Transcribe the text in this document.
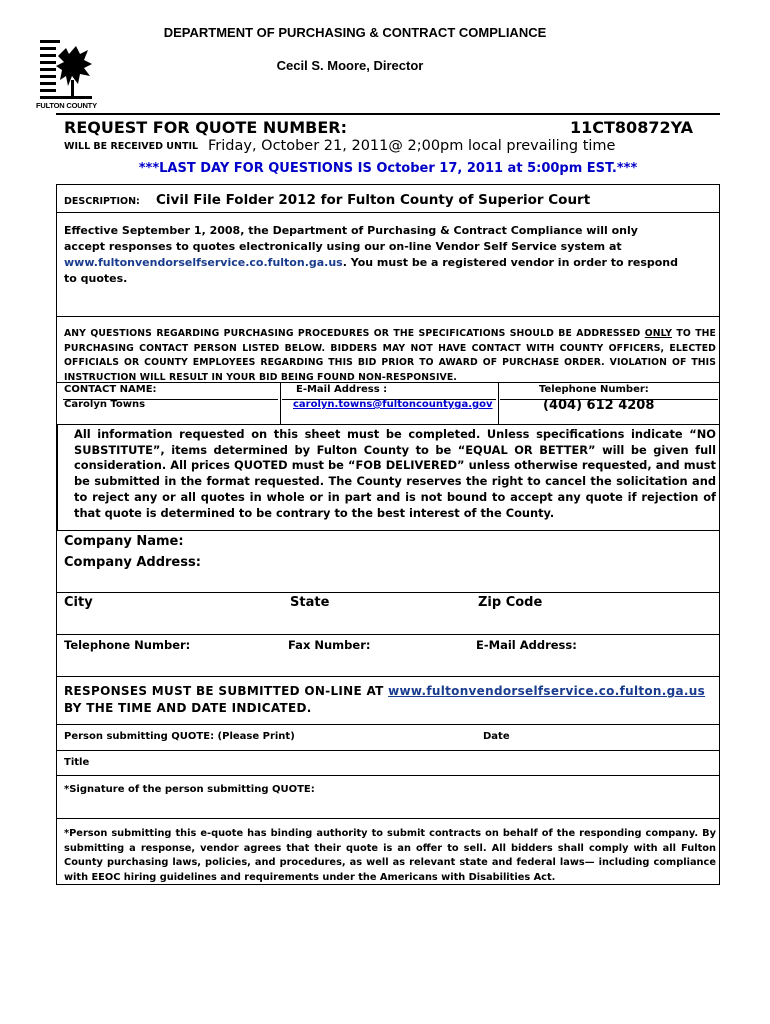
DEPARTMENT OF PURCHASING & CONTRACT COMPLIANCE
Cecil S. Moore, Director
FULTON COUNTY
REQUEST FOR QUOTE NUMBER:	11CT80872YA
WILL BE RECEIVED UNTIL Friday, October 21, 2011@ 2;00pm local prevailing time
***LAST DAY FOR QUESTIONS IS October 17, 2011 at 5:00pm EST.***
DESCRIPTION: Civil File Folder 2012 for Fulton County of Superior Court
Effective September 1, 2008, the Department of Purchasing & Contract Compliance will only accept responses to quotes electronically using our on-line Vendor Self Service system at www.fultonvendorselfservice.co.fulton.ga.us. You must be a registered vendor in order to respond to quotes.
ANY QUESTIONS REGARDING PURCHASING PROCEDURES OR THE SPECIFICATIONS SHOULD BE ADDRESSED ONLY TO THE PURCHASING CONTACT PERSON LISTED BELOW. BIDDERS MAY NOT HAVE CONTACT WITH COUNTY OFFICERS, ELECTED OFFICIALS OR COUNTY EMPLOYEES REGARDING THIS BID PRIOR TO AWARD OF PURCHASE ORDER. VIOLATION OF THIS INSTRUCTION WILL RESULT IN YOUR BID BEING FOUND NON-RESPONSIVE.
CONTACT NAME:
Carolyn Towns
E-Mail Address :
carolyn.towns@fultoncountyga.gov
Telephone Number:
(404) 612 4208
All information requested on this sheet must be completed. Unless specifications indicate “NO SUBSTITUTE”, items determined by Fulton County to be “EQUAL OR BETTER” will be given full consideration. All prices QUOTED must be “FOB DELIVERED” unless otherwise requested, and must be submitted in the format requested. The County reserves the right to cancel the solicitation and to reject any or all quotes in whole or in part and is not bound to accept any quote if rejection of that quote is determined to be contrary to the best interest of the County.
Company Name:
Company Address:
City	State	Zip Code
Telephone Number:	Fax Number:	E-Mail Address:
RESPONSES MUST BE SUBMITTED ON-LINE AT www.fultonvendorselfservice.co.fulton.ga.us BY THE TIME AND DATE INDICATED.
Person submitting QUOTE: (Please Print)	Date
Title
*Signature of the person submitting QUOTE:
*Person submitting this e-quote has binding authority to submit contracts on behalf of the responding company. By submitting a response, vendor agrees that their quote is an offer to sell. All bidders shall comply with all Fulton County purchasing laws, policies, and procedures, as well as relevant state and federal laws— including compliance with EEOC hiring guidelines and requirements under the Americans with Disabilities Act.
